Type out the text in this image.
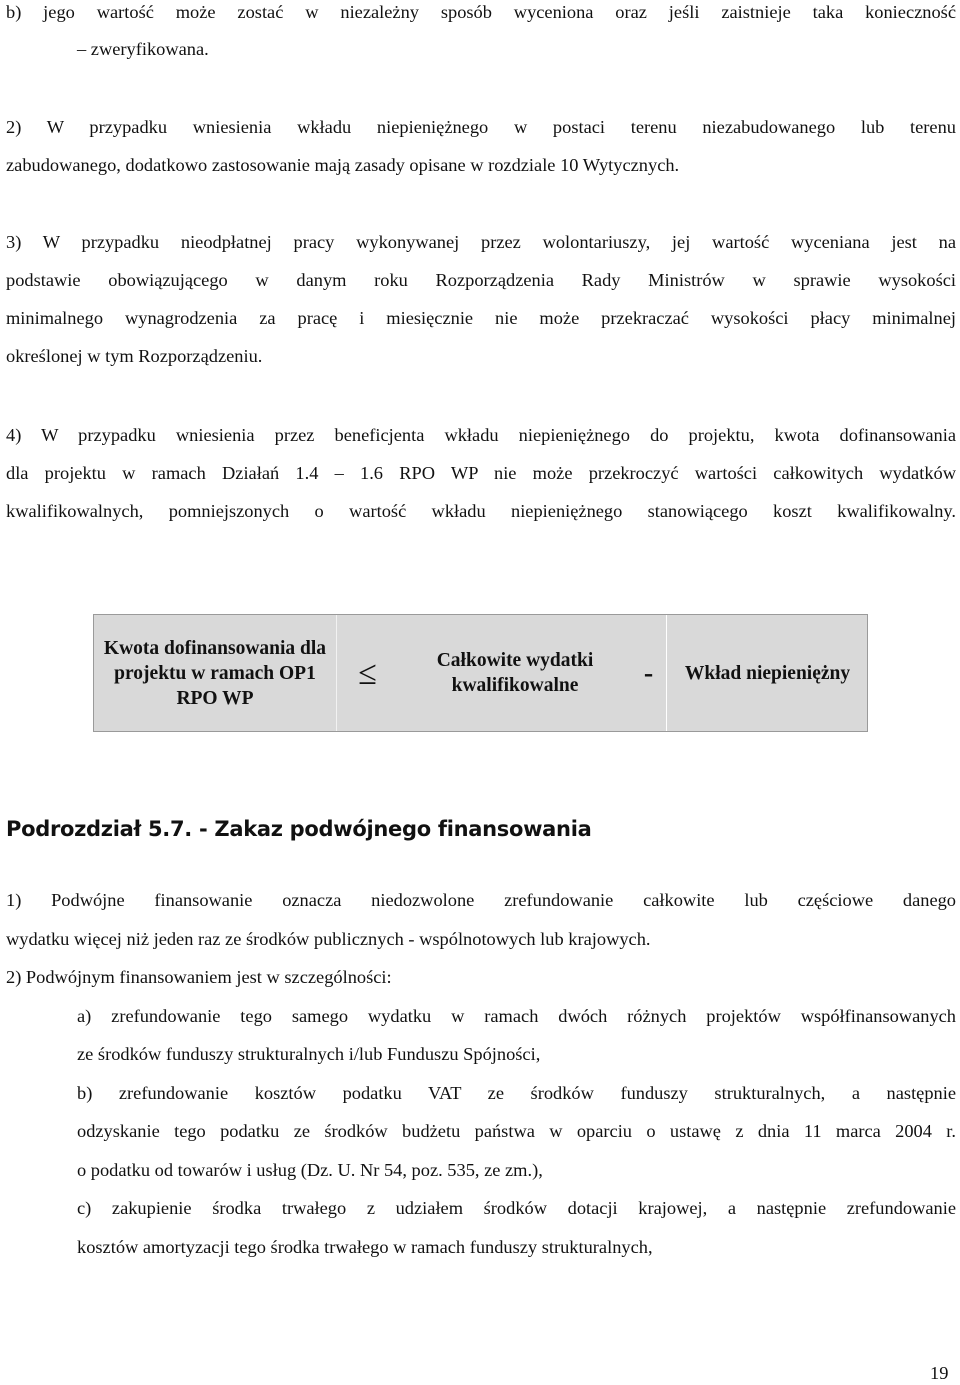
b) jego wartość może zostać w niezależny sposób wyceniona oraz jeśli zaistnieje taka konieczność
– zweryfikowana.
2) W przypadku wniesienia wkładu niepieniężnego w postaci terenu niezabudowanego lub terenu
zabudowanego, dodatkowo zastosowanie mają zasady opisane w rozdziale 10 Wytycznych.
3) W przypadku nieodpłatnej pracy wykonywanej przez wolontariuszy, jej wartość wyceniana jest na
podstawie obowiązującego w danym roku Rozporządzenia Rady Ministrów w sprawie wysokości
minimalnego wynagrodzenia za pracę i miesięcznie nie może przekraczać wysokości płacy minimalnej
określonej w tym Rozporządzeniu.
4) W przypadku wniesienia przez beneficjenta wkładu niepieniężnego do projektu, kwota dofinansowania
dla projektu w ramach Działań 1.4 – 1.6 RPO WP nie może przekroczyć wartości całkowitych wydatków
kwalifikowalnych, pomniejszonych o wartość wkładu niepieniężnego stanowiącego koszt kwalifikowalny.
Kwota dofinansowania dla projektu w ramach OP1 RPO WP
≤	Całkowite wydatki kwalifikowalne	-	Wkład niepieniężny
Podrozdział 5.7. - Zakaz podwójnego finansowania
1) Podwójne finansowanie oznacza niedozwolone zrefundowanie całkowite lub częściowe danego
wydatku więcej niż jeden raz ze środków publicznych - wspólnotowych lub krajowych.
2) Podwójnym finansowaniem jest w szczególności:
a) zrefundowanie tego samego wydatku w ramach dwóch różnych projektów współfinansowanych
ze środków funduszy strukturalnych i/lub Funduszu Spójności,
b) zrefundowanie kosztów podatku VAT ze środków funduszy strukturalnych, a następnie
odzyskanie tego podatku ze środków budżetu państwa w oparciu o ustawę z dnia 11 marca 2004 r.
o podatku od towarów i usług (Dz. U. Nr 54, poz. 535, ze zm.),
c) zakupienie środka trwałego z udziałem środków dotacji krajowej, a następnie zrefundowanie
kosztów amortyzacji tego środka trwałego w ramach funduszy strukturalnych,
19
